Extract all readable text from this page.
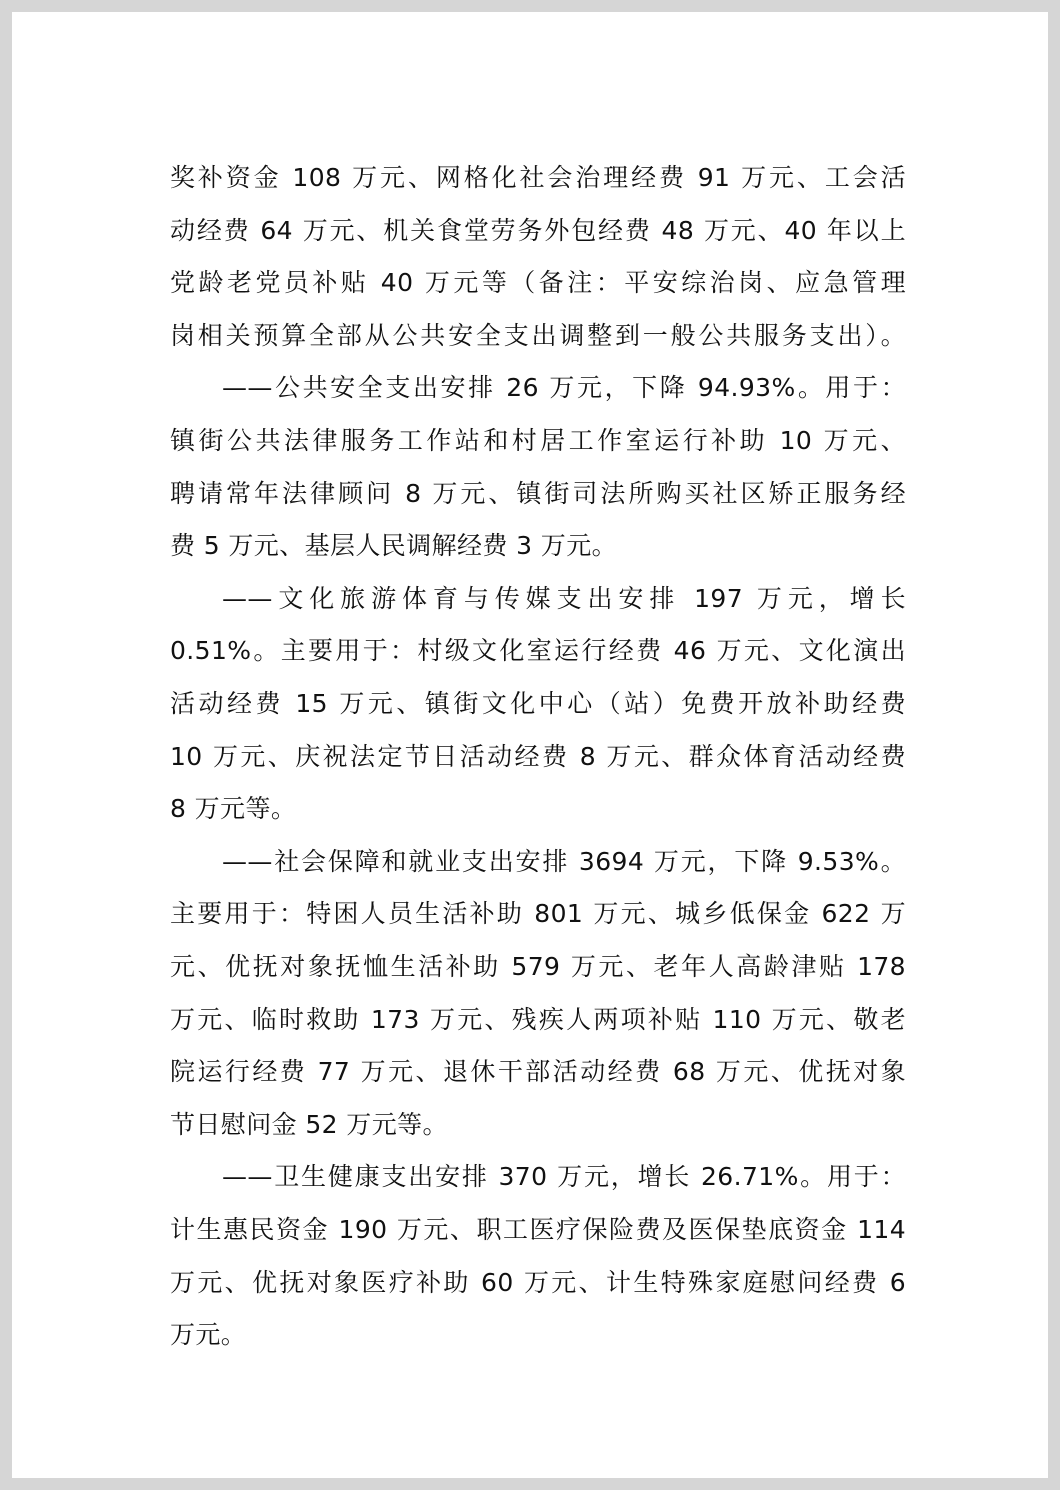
奖补资金 108 万元、网格化社会治理经费 91 万元、工会活
动经费 64 万元、机关食堂劳务外包经费 48 万元、40 年以上
党龄老党员补贴 40 万元等（备注：平安综治岗、应急管理
岗相关预算全部从公共安全支出调整到一般公共服务支出）。
——公共安全支出安排 26 万元，下降 94.93%。用于：
镇街公共法律服务工作站和村居工作室运行补助 10 万元、
聘请常年法律顾问 8 万元、镇街司法所购买社区矫正服务经
费 5 万元、基层人民调解经费 3 万元。
——文化旅游体育与传媒支出安排 197 万元，增长
0.51%。主要用于：村级文化室运行经费 46 万元、文化演出
活动经费 15 万元、镇街文化中心（站）免费开放补助经费
10 万元、庆祝法定节日活动经费 8 万元、群众体育活动经费
8 万元等。
——社会保障和就业支出安排 3694 万元，下降 9.53%。
主要用于：特困人员生活补助 801 万元、城乡低保金 622 万
元、优抚对象抚恤生活补助 579 万元、老年人高龄津贴 178
万元、临时救助 173 万元、残疾人两项补贴 110 万元、敬老
院运行经费 77 万元、退休干部活动经费 68 万元、优抚对象
节日慰问金 52 万元等。
——卫生健康支出安排 370 万元，增长 26.71%。用于：
计生惠民资金 190 万元、职工医疗保险费及医保垫底资金 114
万元、优抚对象医疗补助 60 万元、计生特殊家庭慰问经费 6
万元。
